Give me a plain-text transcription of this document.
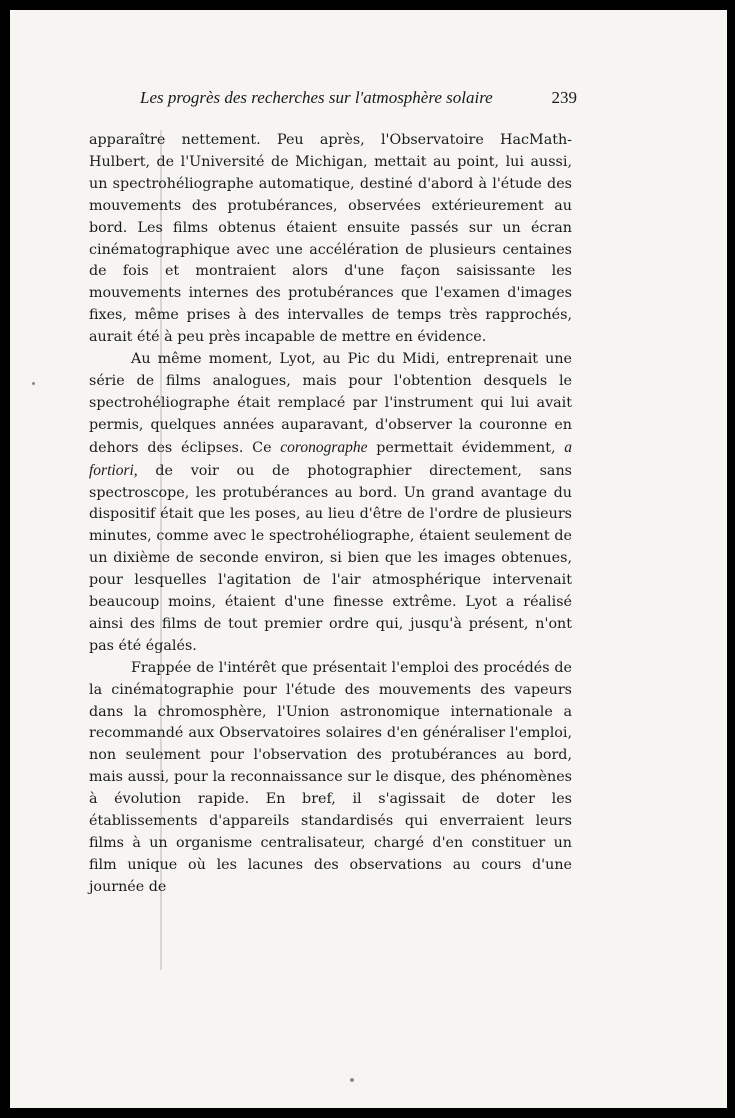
Les progrès des recherches sur l'atmosphère solaire	239

apparaître nettement. Peu après, l'Observatoire HacMath-Hulbert, de l'Université de Michigan, mettait au point, lui aussi, un spectrohéliographe automatique, destiné d'abord à l'étude des mouvements des protubérances, observées extérieurement au bord. Les films obtenus étaient ensuite passés sur un écran cinématographique avec une accélération de plusieurs centaines de fois et montraient alors d'une façon saisissante les mouvements internes des protubérances que l'examen d'images fixes, même prises à des intervalles de temps très rapprochés, aurait été à peu près incapable de mettre en évidence.

Au même moment, Lyot, au Pic du Midi, entreprenait une série de films analogues, mais pour l'obtention desquels le spectrohéliographe était remplacé par l'instrument qui lui avait permis, quelques années auparavant, d'observer la couronne en dehors des éclipses. Ce coronographe permettait évidemment, a fortiori, de voir ou de photographier directement, sans spectroscope, les protubérances au bord. Un grand avantage du dispositif était que les poses, au lieu d'être de l'ordre de plusieurs minutes, comme avec le spectrohéliographe, étaient seulement de un dixième de seconde environ, si bien que les images obtenues, pour lesquelles l'agitation de l'air atmosphérique intervenait beaucoup moins, étaient d'une finesse extrême. Lyot a réalisé ainsi des films de tout premier ordre qui, jusqu'à présent, n'ont pas été égalés.

Frappée de l'intérêt que présentait l'emploi des procédés de la cinématographie pour l'étude des mouvements des vapeurs dans la chromosphère, l'Union astronomique internationale a recommandé aux Observatoires solaires d'en généraliser l'emploi, non seulement pour l'observation des protubérances au bord, mais aussi, pour la reconnaissance sur le disque, des phénomènes à évolution rapide. En bref, il s'agissait de doter les établissements d'appareils standardisés qui enverraient leurs films à un organisme centralisateur, chargé d'en constituer un film unique où les lacunes des observations au cours d'une journée de
